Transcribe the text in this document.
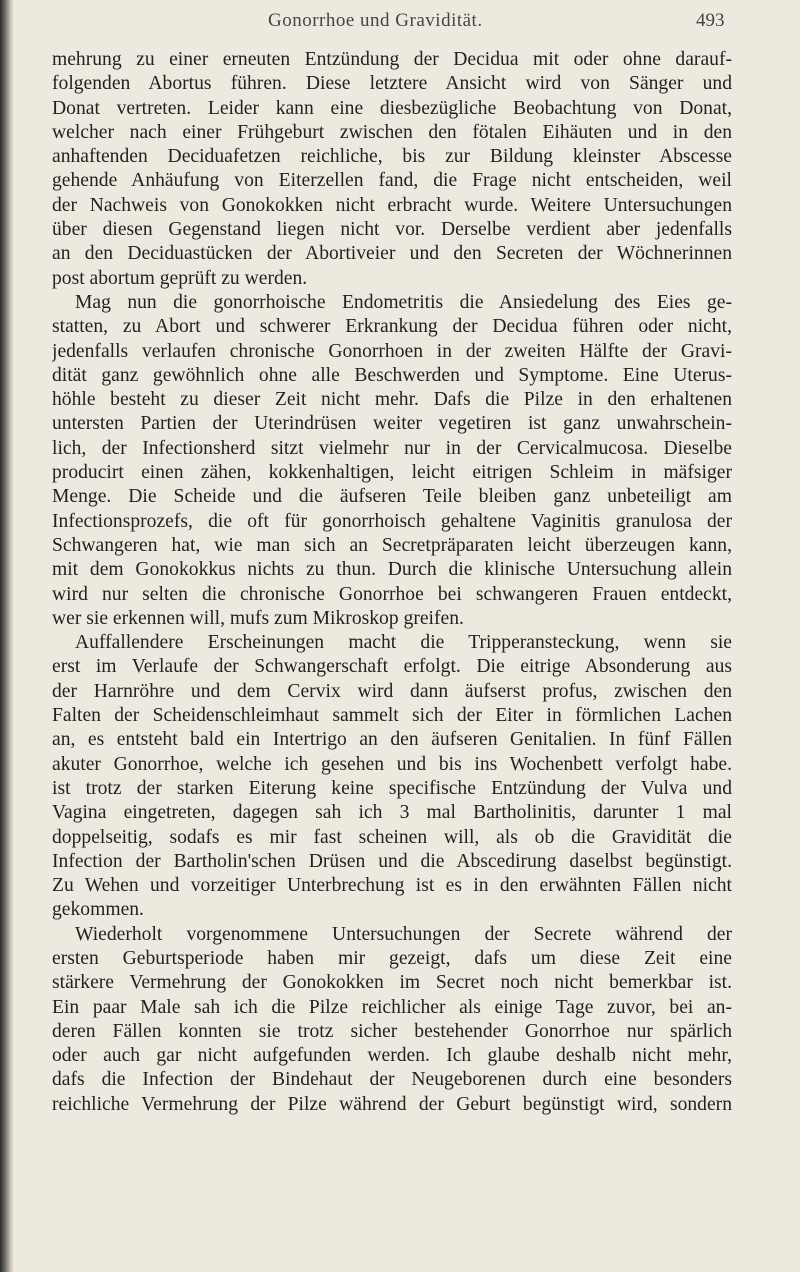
Gonorrhoe und Gravidität.	493
mehrung zu einer erneuten Entzündung der Decidua mit oder ohne darauf-
folgenden Abortus führen. Diese letztere Ansicht wird von Sänger und
Donat vertreten. Leider kann eine diesbezügliche Beobachtung von Donat,
welcher nach einer Frühgeburt zwischen den fötalen Eihäuten und in den
anhaftenden Deciduafetzen reichliche, bis zur Bildung kleinster Abscesse
gehende Anhäufung von Eiterzellen fand, die Frage nicht entscheiden, weil
der Nachweis von Gonokokken nicht erbracht wurde. Weitere Untersuchungen
über diesen Gegenstand liegen nicht vor. Derselbe verdient aber jedenfalls
an den Deciduastücken der Abortiveier und den Secreten der Wöchnerinnen
post abortum geprüft zu werden.
Mag nun die gonorrhoische Endometritis die Ansiedelung des Eies ge-
statten, zu Abort und schwerer Erkrankung der Decidua führen oder nicht,
jedenfalls verlaufen chronische Gonorrhoen in der zweiten Hälfte der Gravi-
dität ganz gewöhnlich ohne alle Beschwerden und Symptome. Eine Uterus-
höhle besteht zu dieser Zeit nicht mehr. Dafs die Pilze in den erhaltenen
untersten Partien der Uterindrüsen weiter vegetiren ist ganz unwahrschein-
lich, der Infectionsherd sitzt vielmehr nur in der Cervicalmucosa. Dieselbe
producirt einen zähen, kokkenhaltigen, leicht eitrigen Schleim in mäfsiger
Menge. Die Scheide und die äufseren Teile bleiben ganz unbeteiligt am
Infectionsprozefs, die oft für gonorrhoisch gehaltene Vaginitis granulosa der
Schwangeren hat, wie man sich an Secretpräparaten leicht überzeugen kann,
mit dem Gonokokkus nichts zu thun. Durch die klinische Untersuchung allein
wird nur selten die chronische Gonorrhoe bei schwangeren Frauen entdeckt,
wer sie erkennen will, mufs zum Mikroskop greifen.
Auffallendere Erscheinungen macht die Tripperansteckung, wenn sie
erst im Verlaufe der Schwangerschaft erfolgt. Die eitrige Absonderung aus
der Harnröhre und dem Cervix wird dann äufserst profus, zwischen den
Falten der Scheidenschleimhaut sammelt sich der Eiter in förmlichen Lachen
an, es entsteht bald ein Intertrigo an den äufseren Genitalien. In fünf Fällen
akuter Gonorrhoe, welche ich gesehen und bis ins Wochenbett verfolgt habe.
ist trotz der starken Eiterung keine specifische Entzündung der Vulva und
Vagina eingetreten, dagegen sah ich 3 mal Bartholinitis, darunter 1 mal
doppelseitig, sodafs es mir fast scheinen will, als ob die Gravidität die
Infection der Bartholin'schen Drüsen und die Abscedirung daselbst begünstigt.
Zu Wehen und vorzeitiger Unterbrechung ist es in den erwähnten Fällen nicht
gekommen.
Wiederholt vorgenommene Untersuchungen der Secrete während der
ersten Geburtsperiode haben mir gezeigt, dafs um diese Zeit eine
stärkere Vermehrung der Gonokokken im Secret noch nicht bemerkbar ist.
Ein paar Male sah ich die Pilze reichlicher als einige Tage zuvor, bei an-
deren Fällen konnten sie trotz sicher bestehender Gonorrhoe nur spärlich
oder auch gar nicht aufgefunden werden. Ich glaube deshalb nicht mehr,
dafs die Infection der Bindehaut der Neugeborenen durch eine besonders
reichliche Vermehrung der Pilze während der Geburt begünstigt wird, sondern
